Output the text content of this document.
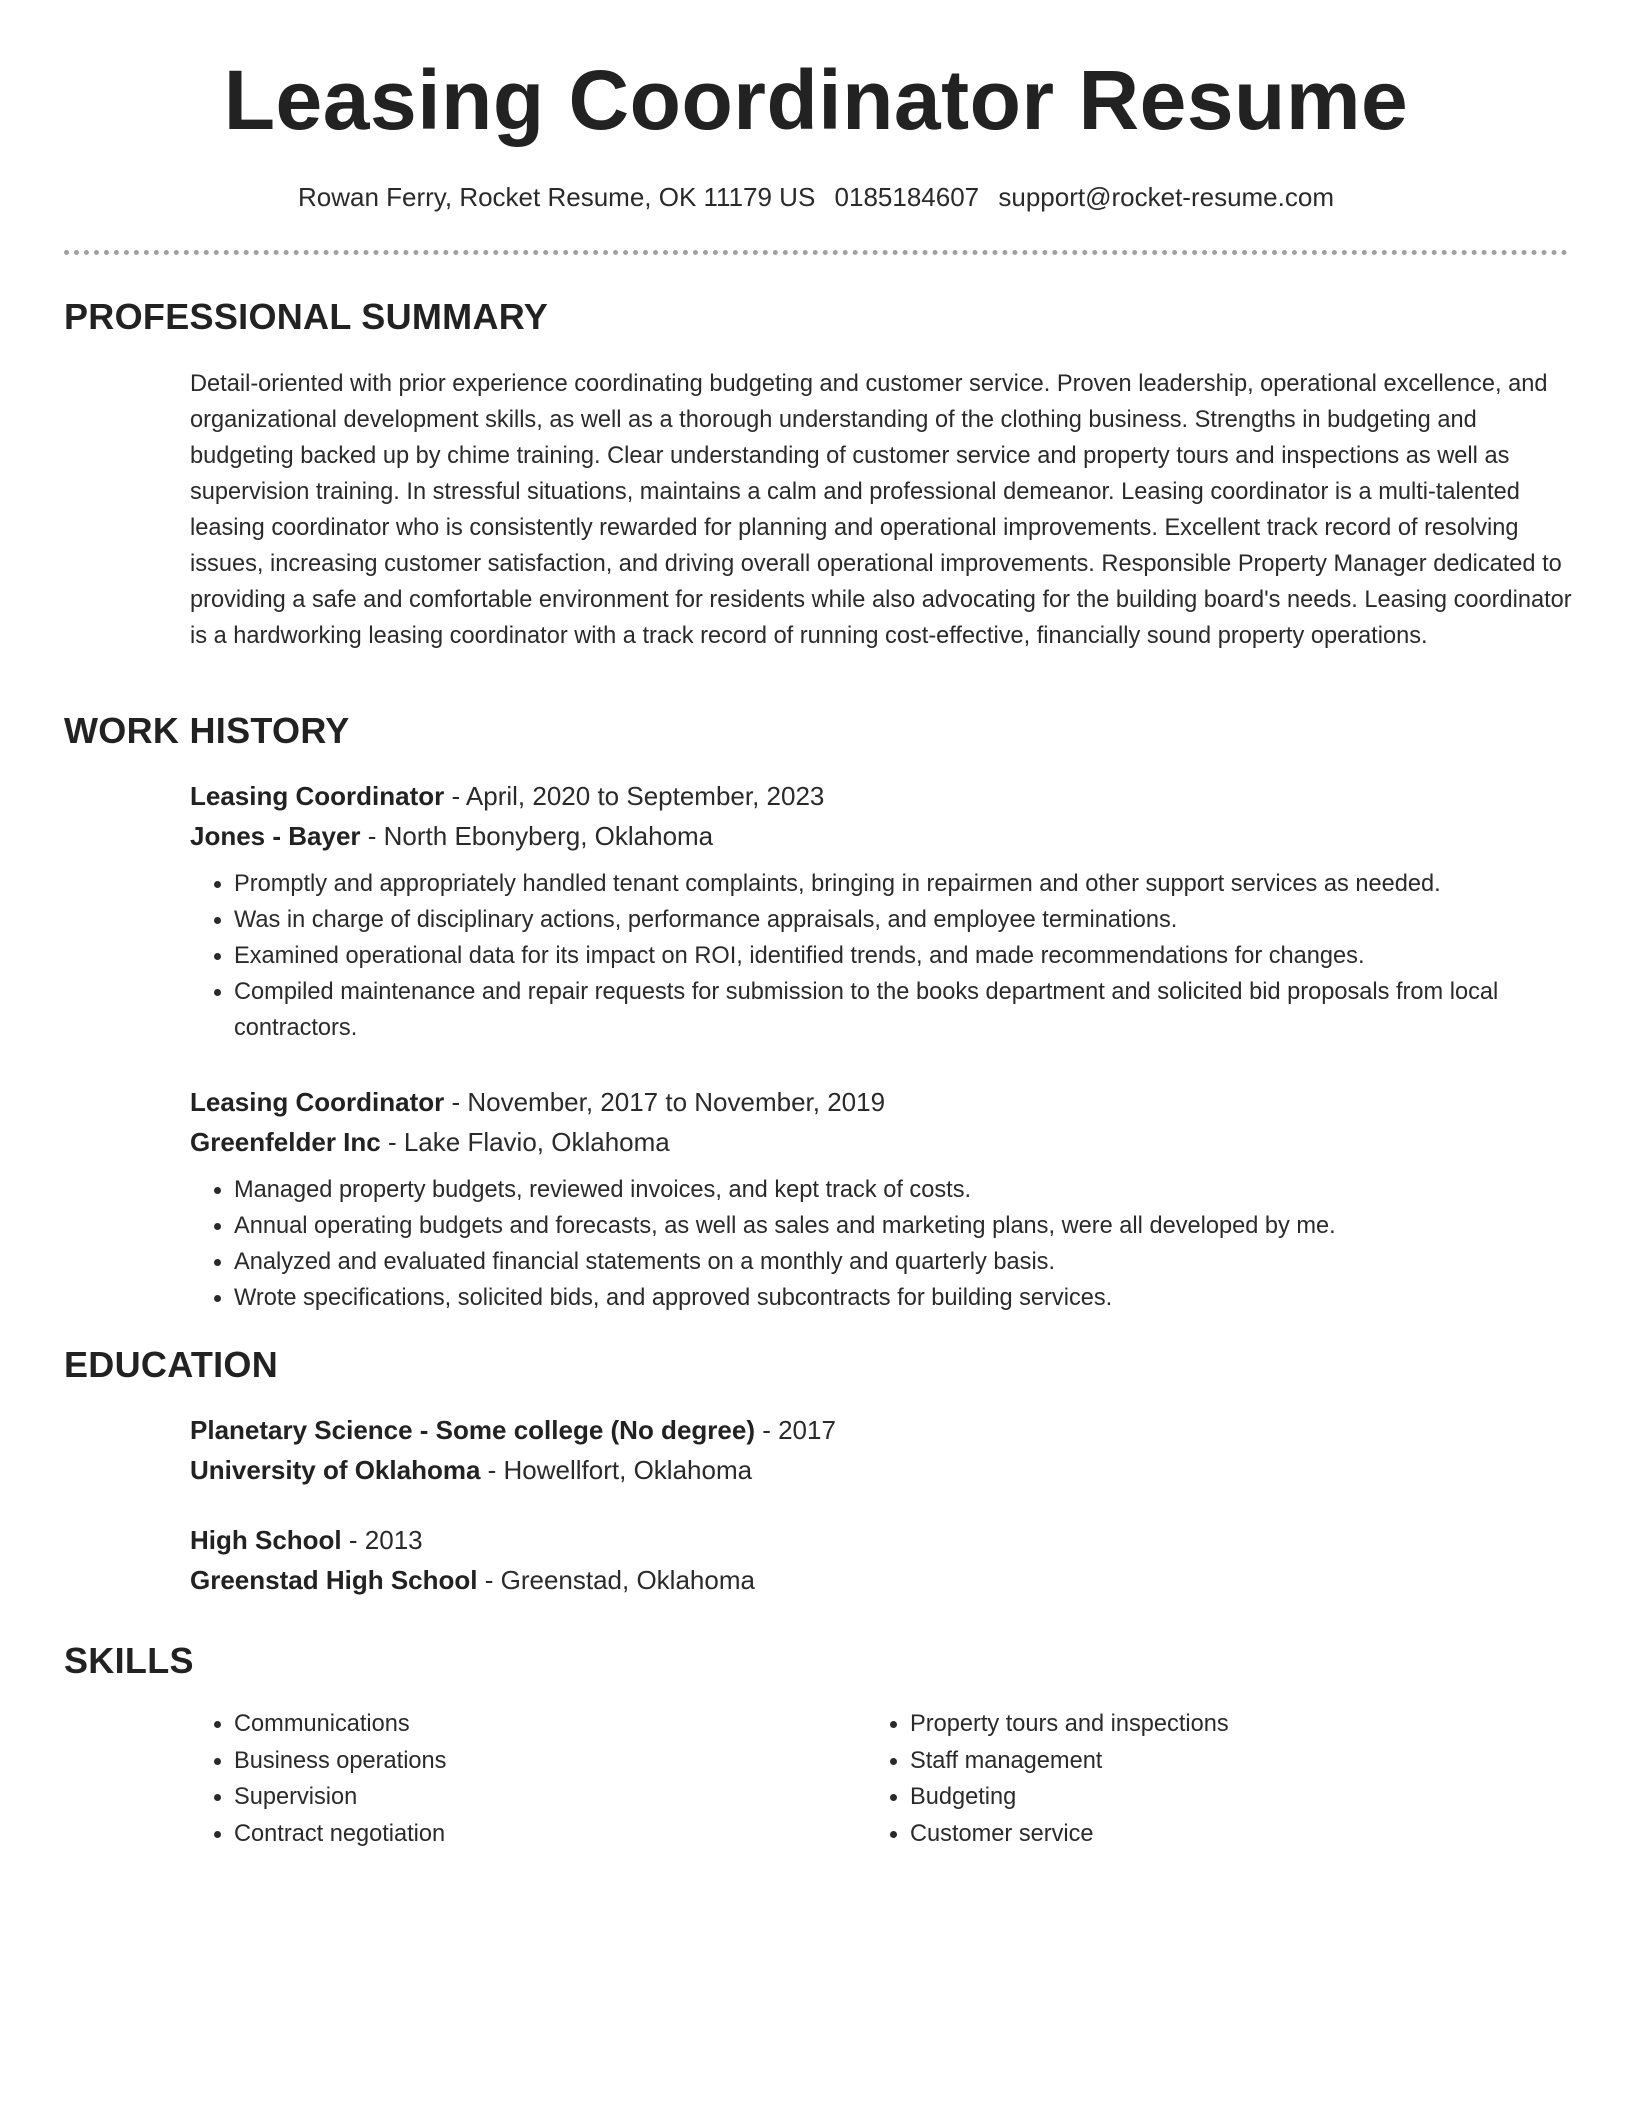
Leasing Coordinator Resume
Rowan Ferry, Rocket Resume, OK 11179 US 0185184607 support@rocket-resume.com
PROFESSIONAL SUMMARY

Detail-oriented with prior experience coordinating budgeting and customer service. Proven leadership, operational excellence, and organizational development skills, as well as a thorough understanding of the clothing business. Strengths in budgeting and budgeting backed up by chime training. Clear understanding of customer service and property tours and inspections as well as supervision training. In stressful situations, maintains a calm and professional demeanor. Leasing coordinator is a multi-talented leasing coordinator who is consistently rewarded for planning and operational improvements. Excellent track record of resolving issues, increasing customer satisfaction, and driving overall operational improvements. Responsible Property Manager dedicated to providing a safe and comfortable environment for residents while also advocating for the building board's needs. Leasing coordinator is a hardworking leasing coordinator with a track record of running cost-effective, financially sound property operations.

WORK HISTORY
Leasing Coordinator - April, 2020 to September, 2023
Jones - Bayer - North Ebonyberg, Oklahoma
• Promptly and appropriately handled tenant complaints, bringing in repairmen and other support services as needed.
• Was in charge of disciplinary actions, performance appraisals, and employee terminations.
• Examined operational data for its impact on ROI, identified trends, and made recommendations for changes.
• Compiled maintenance and repair requests for submission to the books department and solicited bid proposals from local contractors.
Leasing Coordinator - November, 2017 to November, 2019
Greenfelder Inc - Lake Flavio, Oklahoma
• Managed property budgets, reviewed invoices, and kept track of costs.
• Annual operating budgets and forecasts, as well as sales and marketing plans, were all developed by me.
• Analyzed and evaluated financial statements on a monthly and quarterly basis.
• Wrote specifications, solicited bids, and approved subcontracts for building services.
EDUCATION
Planetary Science - Some college (No degree) - 2017
University of Oklahoma - Howellfort, Oklahoma
High School - 2013
Greenstad High School - Greenstad, Oklahoma
SKILLS
• Communications
• Business operations
• Supervision
• Contract negotiation
• Property tours and inspections
• Staff management
• Budgeting
• Customer service
